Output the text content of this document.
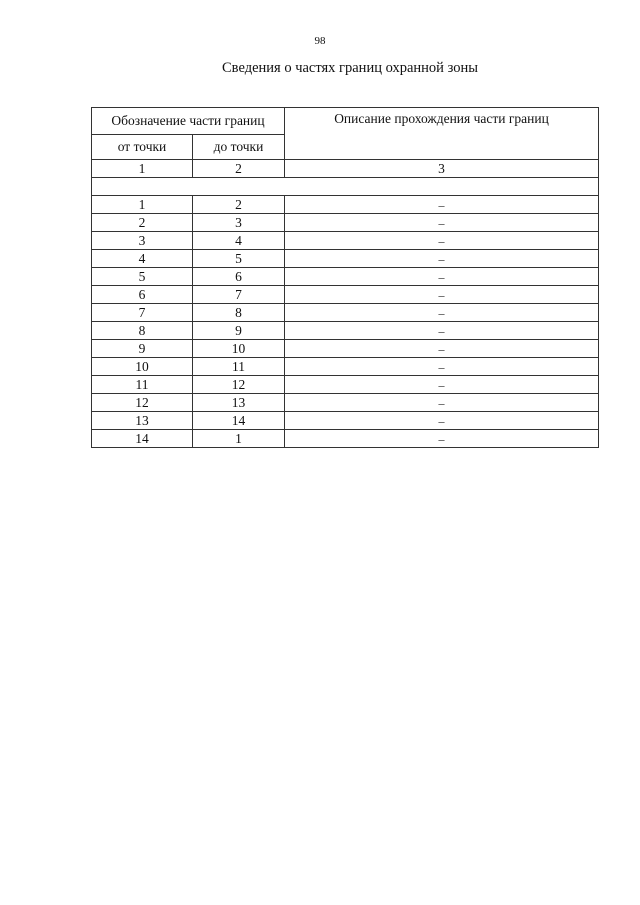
98
Сведения о частях границ охранной зоны
Обозначение части границ		Описание прохождения части границ
от точки	до точки	
1	2	3

1	2	–
2	3	–
3	4	–
4	5	–
5	6	–
6	7	–
7	8	–
8	9	–
9	10	–
10	11	–
11	12	–
12	13	–
13	14	–
14	1	–
